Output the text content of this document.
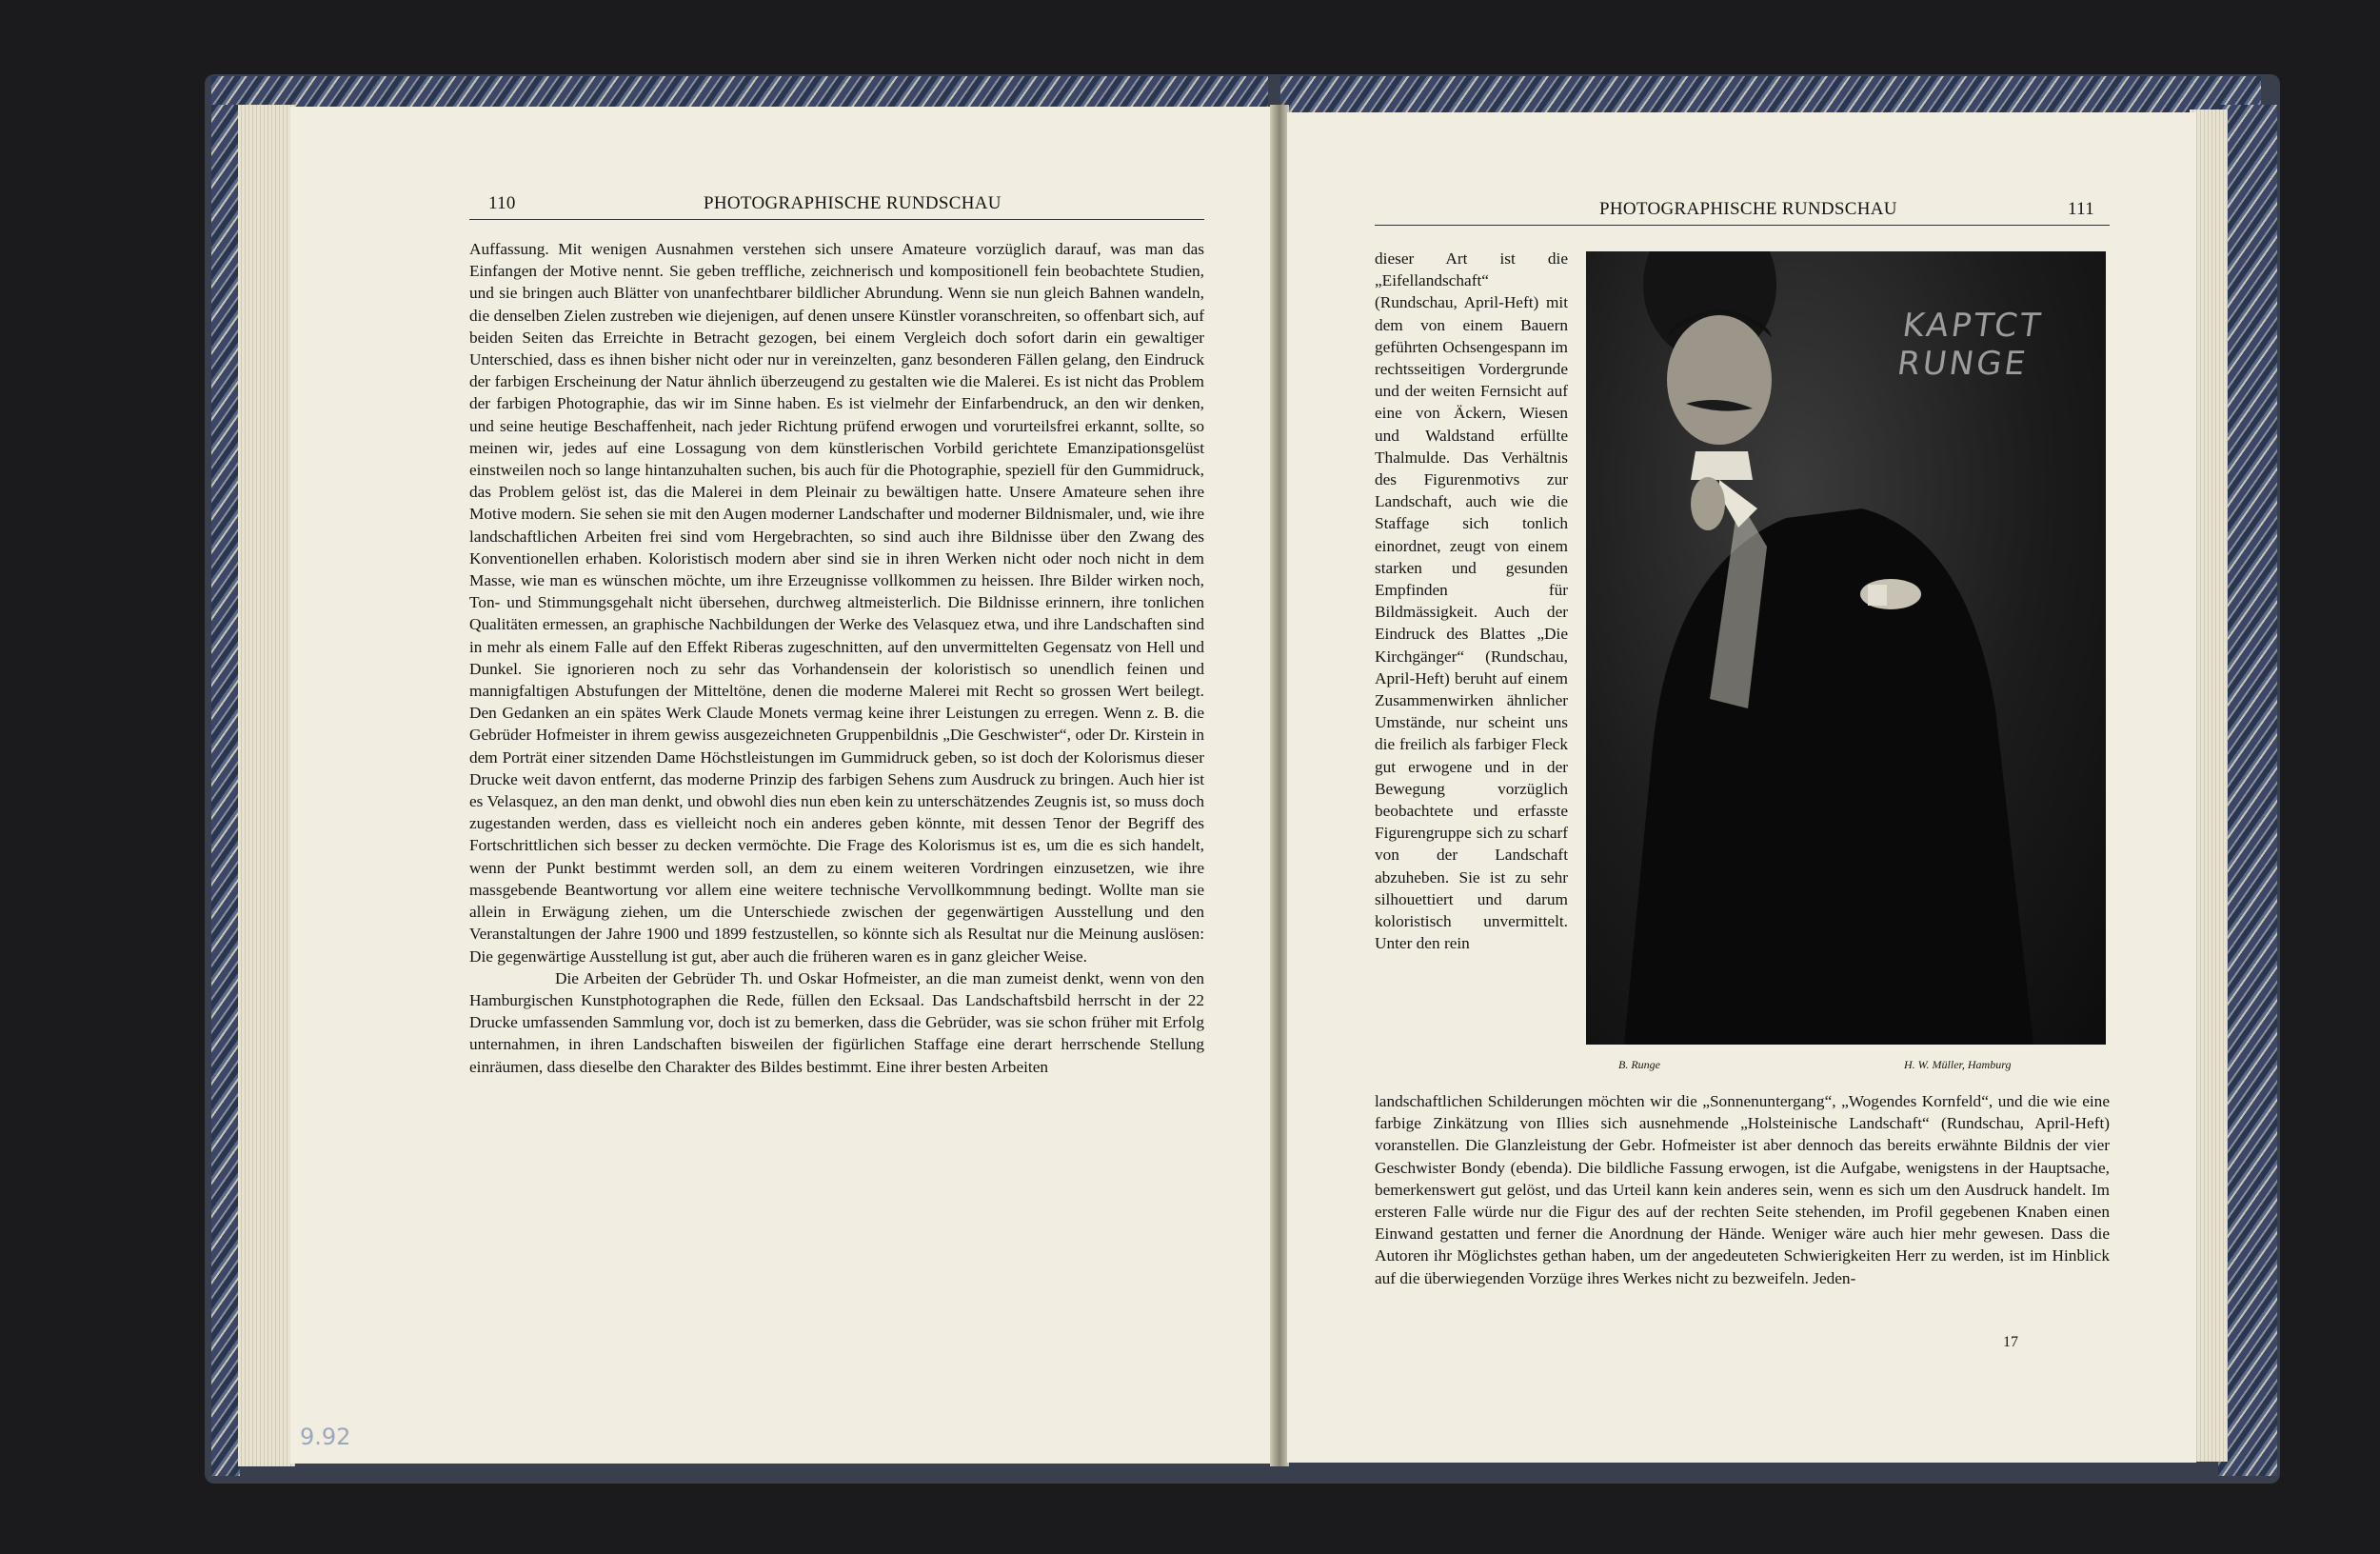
110	PHOTOGRAPHISCHE RUNDSCHAU

Auffassung. Mit wenigen Ausnahmen verstehen sich unsere Amateure vorzüglich darauf, was man das Einfangen der Motive nennt. Sie geben treffliche, zeichnerisch und kompositionell fein beobachtete Studien, und sie bringen auch Blätter von unanfechtbarer bildlicher Abrundung. Wenn sie nun gleich Bahnen wandeln, die denselben Zielen zustreben wie diejenigen, auf denen unsere Künstler voranschreiten, so offenbart sich, auf beiden Seiten das Erreichte in Betracht gezogen, bei einem Vergleich doch sofort darin ein gewaltiger Unterschied, dass es ihnen bisher nicht oder nur in vereinzelten, ganz besonderen Fällen gelang, den Eindruck der farbigen Erscheinung der Natur ähnlich überzeugend zu gestalten wie die Malerei. Es ist nicht das Problem der farbigen Photographie, das wir im Sinne haben. Es ist vielmehr der Einfarbendruck, an den wir denken, und seine heutige Beschaffenheit, nach jeder Richtung prüfend erwogen und vorurteilsfrei erkannt, sollte, so meinen wir, jedes auf eine Lossagung von dem künstlerischen Vorbild gerichtete Emanzipationsgelüst einstweilen noch so lange hintanzuhalten suchen, bis auch für die Photographie, speziell für den Gummidruck, das Problem gelöst ist, das die Malerei in dem Pleinair zu bewältigen hatte. Unsere Amateure sehen ihre Motive modern. Sie sehen sie mit den Augen moderner Landschafter und moderner Bildnismaler, und, wie ihre landschaftlichen Arbeiten frei sind vom Hergebrachten, so sind auch ihre Bildnisse über den Zwang des Konventionellen erhaben. Koloristisch modern aber sind sie in ihren Werken nicht oder noch nicht in dem Masse, wie man es wünschen möchte, um ihre Erzeugnisse vollkommen zu heissen. Ihre Bilder wirken noch, Ton- und Stimmungsgehalt nicht übersehen, durchweg altmeisterlich. Die Bildnisse erinnern, ihre tonlichen Qualitäten ermessen, an graphische Nachbildungen der Werke des Velasquez etwa, und ihre Landschaften sind in mehr als einem Falle auf den Effekt Riberas zugeschnitten, auf den unvermittelten Gegensatz von Hell und Dunkel. Sie ignorieren noch zu sehr das Vorhandensein der koloristisch so unendlich feinen und mannigfaltigen Abstufungen der Mitteltöne, denen die moderne Malerei mit Recht so grossen Wert beilegt. Den Gedanken an ein spätes Werk Claude Monets vermag keine ihrer Leistungen zu erregen. Wenn z. B. die Gebrüder Hofmeister in ihrem gewiss ausgezeichneten Gruppenbildnis „Die Geschwister“, oder Dr. Kirstein in dem Porträt einer sitzenden Dame Höchstleistungen im Gummidruck geben, so ist doch der Kolorismus dieser Drucke weit davon entfernt, das moderne Prinzip des farbigen Sehens zum Ausdruck zu bringen. Auch hier ist es Velasquez, an den man denkt, und obwohl dies nun eben kein zu unterschätzendes Zeugnis ist, so muss doch zugestanden werden, dass es vielleicht noch ein anderes geben könnte, mit dessen Tenor der Begriff des Fortschrittlichen sich besser zu decken vermöchte. Die Frage des Kolorismus ist es, um die es sich handelt, wenn der Punkt bestimmt werden soll, an dem zu einem weiteren Vordringen einzusetzen, wie ihre massgebende Beantwortung vor allem eine weitere technische Vervollkommnung bedingt. Wollte man sie allein in Erwägung ziehen, um die Unterschiede zwischen der gegenwärtigen Ausstellung und den Veranstaltungen der Jahre 1900 und 1899 festzustellen, so könnte sich als Resultat nur die Meinung auslösen: Die gegenwärtige Ausstellung ist gut, aber auch die früheren waren es in ganz gleicher Weise.

Die Arbeiten der Gebrüder Th. und Oskar Hofmeister, an die man zumeist denkt, wenn von den Hamburgischen Kunstphotographen die Rede, füllen den Ecksaal. Das Landschaftsbild herrscht in der 22 Drucke umfassenden Sammlung vor, doch ist zu bemerken, dass die Gebrüder, was sie schon früher mit Erfolg unternahmen, in ihren Landschaften bisweilen der figürlichen Staffage eine derart herrschende Stellung einräumen, dass dieselbe den Charakter des Bildes bestimmt. Eine ihrer besten Arbeiten

9.92
PHOTOGRAPHISCHE RUNDSCHAU	111
dieser Art ist die „Eifellandschaft“ (Rundschau, April-Heft) mit dem von einem Bauern geführten Ochsengespann im rechtsseitigen Vordergrunde und der weiten Fernsicht auf eine von Äckern, Wiesen und Waldstand erfüllte Thalmulde. Das Verhältnis des Figurenmotivs zur Landschaft, auch wie die Staffage sich tonlich einordnet, zeugt von einem starken und gesunden Empfinden für Bildmässigkeit. Auch der Eindruck des Blattes „Die Kirchgänger“ (Rundschau, April-Heft) beruht auf einem Zusammenwirken ähnlicher Umstände, nur scheint uns die freilich als farbiger Fleck gut erwogene und in der Bewegung vorzüglich beobachtete und erfasste Figurengruppe sich zu scharf von der Landschaft abzuheben. Sie ist zu sehr silhouettiert und darum koloristisch unvermittelt. Unter den rein
KAPTCT RUNGE
B. Runge	H. W. Müller, Hamburg
landschaftlichen Schilderungen möchten wir die „Sonnenuntergang“, „Wogendes Kornfeld“, und die wie eine farbige Zinkätzung von Illies sich ausnehmende „Holsteinische Landschaft“ (Rundschau, April-Heft) voranstellen. Die Glanzleistung der Gebr. Hofmeister ist aber dennoch das bereits erwähnte Bildnis der vier Geschwister Bondy (ebenda). Die bildliche Fassung erwogen, ist die Aufgabe, wenigstens in der Hauptsache, bemerkenswert gut gelöst, und das Urteil kann kein anderes sein, wenn es sich um den Ausdruck handelt. Im ersteren Falle würde nur die Figur des auf der rechten Seite stehenden, im Profil gegebenen Knaben einen Einwand gestatten und ferner die Anordnung der Hände. Weniger wäre auch hier mehr gewesen. Dass die Autoren ihr Möglichstes gethan haben, um der angedeuteten Schwierigkeiten Herr zu werden, ist im Hinblick auf die überwiegenden Vorzüge ihres Werkes nicht zu bezweifeln. Jeden-
17
